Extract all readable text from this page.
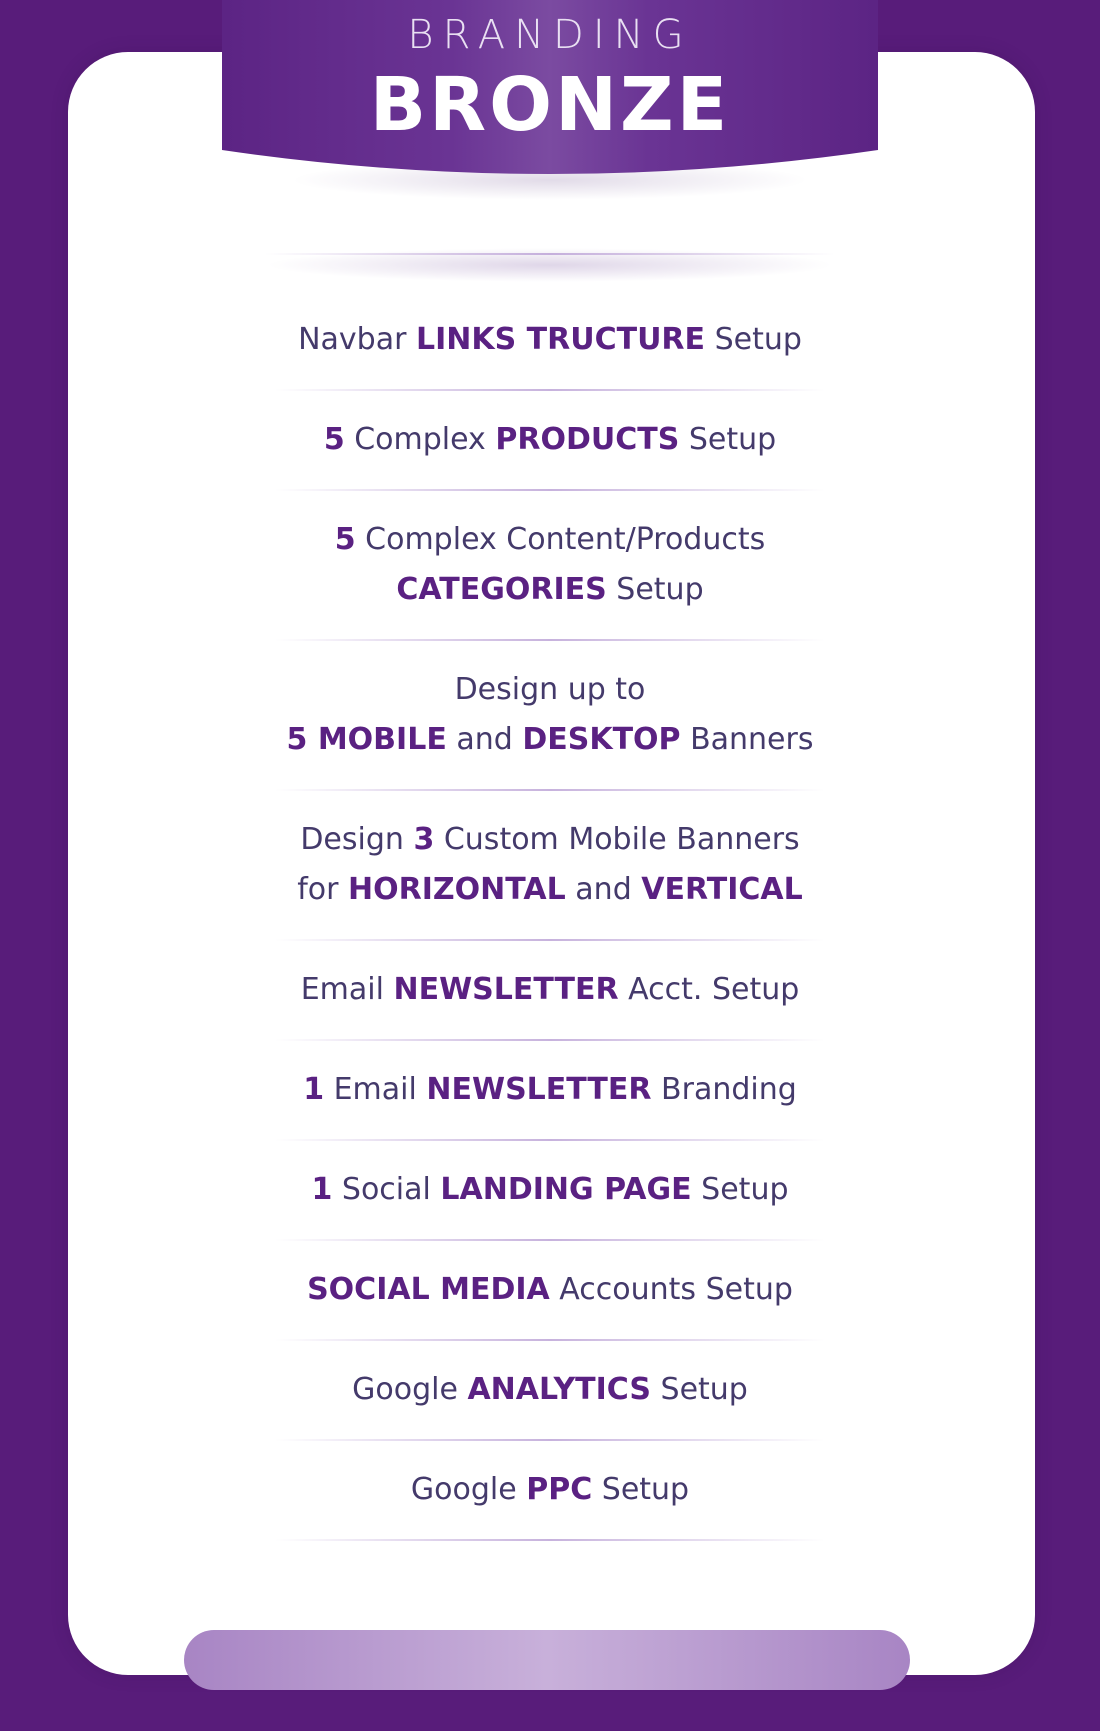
BRANDING
BRONZE
Navbar LINKS TRUCTURE Setup
5 Complex PRODUCTS Setup
5 Complex Content/Products
CATEGORIES Setup
Design up to
5 MOBILE and DESKTOP Banners
Design 3 Custom Mobile Banners
for HORIZONTAL and VERTICAL
Email NEWSLETTER Acct. Setup
1 Email NEWSLETTER Branding
1 Social LANDING PAGE Setup
SOCIAL MEDIA Accounts Setup
Google ANALYTICS Setup
Google PPC Setup
